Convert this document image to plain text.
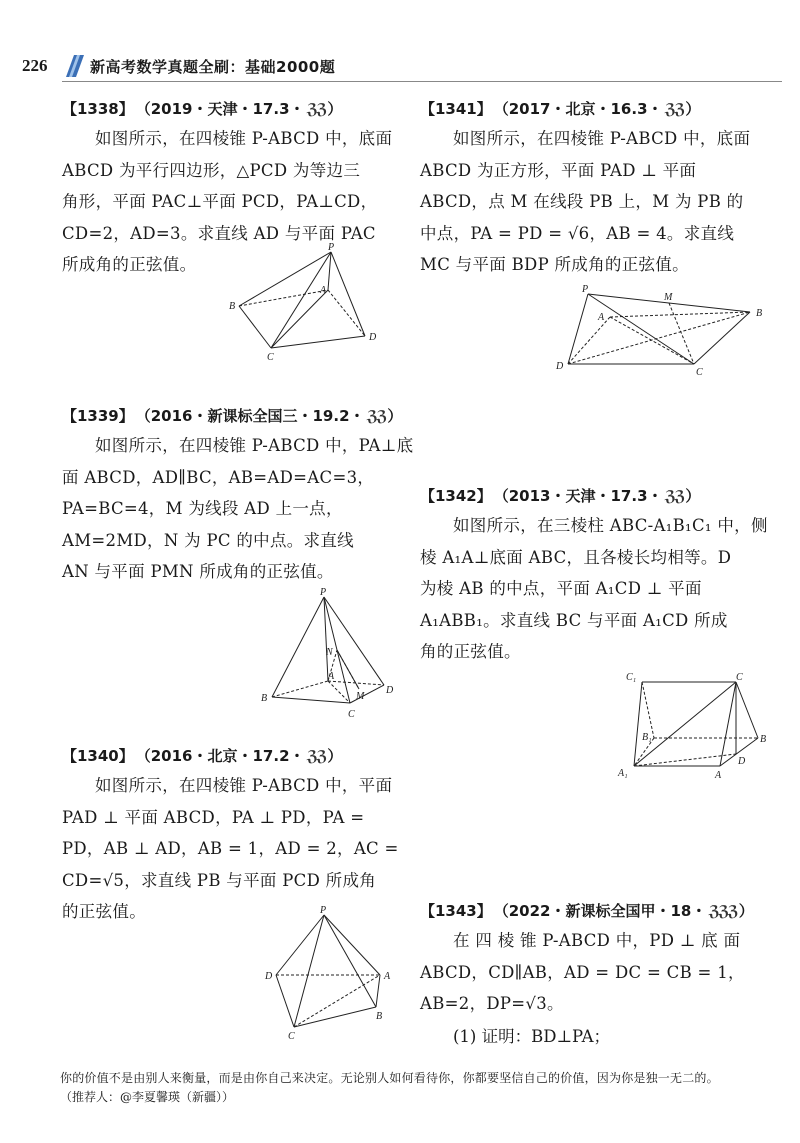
226	新高考数学真题全刷：基础2000题
【1338】 （2019・天津・17.3・ ℨ
ℨ ）
如图所示，在四棱锥 P-ABCD 中，底面
ABCD 为平行四边形，△PCD 为等边三
角形，平面 PAC⊥平面 PCD，PA⊥CD，
CD=2，AD=3。求直线 AD 与平面 PAC
所成角的正弦值。
P
A
B
C
D
【1339】 （2016・新课标全国三・19.2・ ℨ
ℨ ）
如图所示，在四棱锥 P-ABCD 中，PA⊥底
面 ABCD，AD∥BC，AB=AD=AC=3，
PA=BC=4，M 为线段 AD 上一点，
AM=2MD，N 为 PC 的中点。求直线
AN 与平面 PMN 所成角的正弦值。
P
N
A
B
C
M
D
【1340】 （2016・北京・17.2・ ℨ
ℨ ）
如图所示，在四棱锥 P-ABCD 中，平面
PAD ⊥ 平面 ABCD，PA ⊥ PD，PA =
PD，AB ⊥ AD，AB = 1，AD = 2，AC =
CD=√5，求直线 PB 与平面 PCD 所成角
的正弦值。	P
D	A
B
C
【1341】 （2017・北京・16.3・ ℨ
ℨ ）
如图所示，在四棱锥 P-ABCD 中，底面
ABCD 为正方形，平面 PAD ⊥ 平面
ABCD，点 M 在线段 PB 上，M 为 PB 的
中点，PA = PD = √6，AB = 4。求直线
MC 与平面 BDP 所成角的正弦值。
P
M
A	B
D
C
【1342】 （2013・天津・17.3・ ℨ
ℨ ）
如图所示，在三棱柱 ABC-A₁B₁C₁ 中，侧
棱 A₁A⊥底面 ABC，且各棱长均相等。D
为棱 AB 的中点，平面 A₁CD ⊥ 平面
A₁ABB₁。求直线 BC 与平面 A₁CD 所成
角的正弦值。
C₁	C
B₁	B
D
A₁	A
【1343】 （2022・新课标全国甲・18・ ℨ
ℨ
ℨ ）
在 四 棱 锥 P-ABCD 中，PD ⊥ 底 面
ABCD，CD∥AB，AD = DC = CB = 1，
AB=2，DP=√3。
(1) 证明：BD⊥PA；
你的价值不是由别人来衡量，而是由你自己来决定。无论别人如何看待你，你都要坚信自己的价值，因为你是独一无二的。
（推荐人：@李夏馨瑛（新疆））
